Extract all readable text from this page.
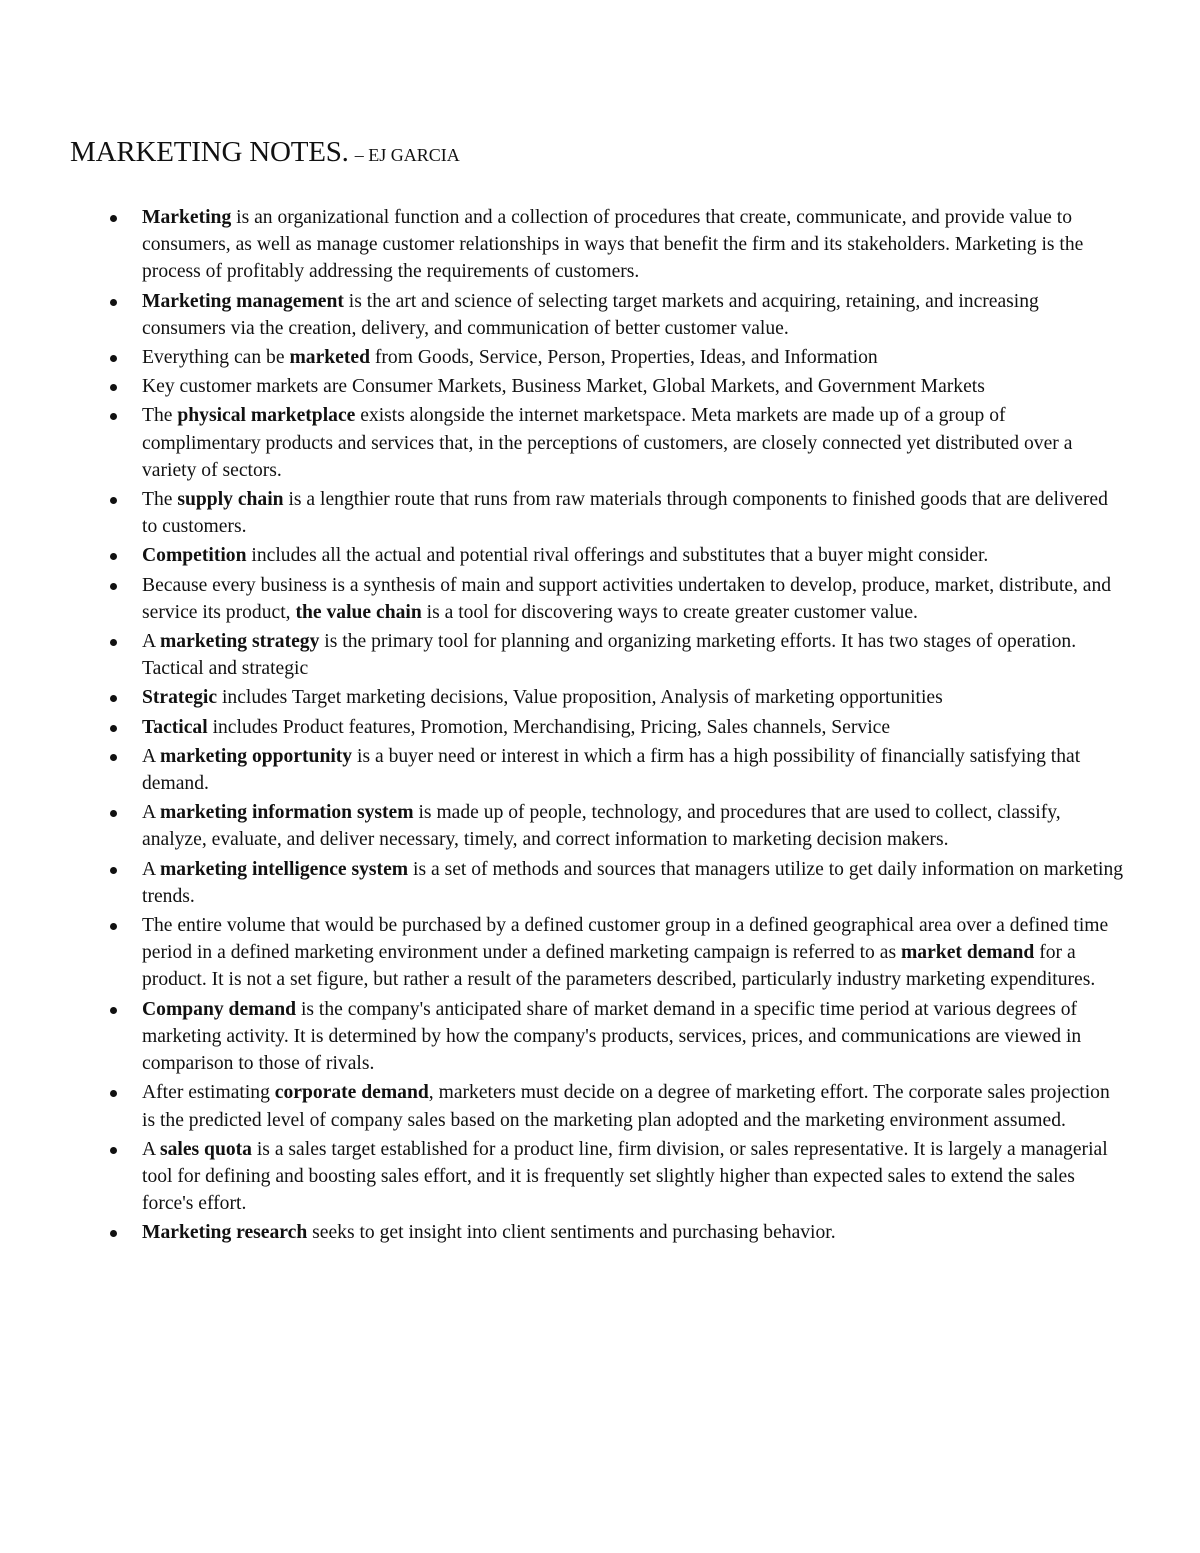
MARKETING NOTES. – EJ GARCIA
Marketing is an organizational function and a collection of procedures that create, communicate, and provide value to consumers, as well as manage customer relationships in ways that benefit the firm and its stakeholders. Marketing is the process of profitably addressing the requirements of customers.
Marketing management is the art and science of selecting target markets and acquiring, retaining, and increasing consumers via the creation, delivery, and communication of better customer value.
Everything can be marketed from Goods, Service, Person, Properties, Ideas, and Information
Key customer markets are Consumer Markets, Business Market, Global Markets, and Government Markets
The physical marketplace exists alongside the internet marketspace. Meta markets are made up of a group of complimentary products and services that, in the perceptions of customers, are closely connected yet distributed over a variety of sectors.
The supply chain is a lengthier route that runs from raw materials through components to finished goods that are delivered to customers.
Competition includes all the actual and potential rival offerings and substitutes that a buyer might consider.
Because every business is a synthesis of main and support activities undertaken to develop, produce, market, distribute, and service its product, the value chain is a tool for discovering ways to create greater customer value.
A marketing strategy is the primary tool for planning and organizing marketing efforts. It has two stages of operation. Tactical and strategic
Strategic includes Target marketing decisions, Value proposition, Analysis of marketing opportunities
Tactical includes Product features, Promotion, Merchandising, Pricing, Sales channels, Service
A marketing opportunity is a buyer need or interest in which a firm has a high possibility of financially satisfying that demand.
A marketing information system is made up of people, technology, and procedures that are used to collect, classify, analyze, evaluate, and deliver necessary, timely, and correct information to marketing decision makers.
A marketing intelligence system is a set of methods and sources that managers utilize to get daily information on marketing trends.
The entire volume that would be purchased by a defined customer group in a defined geographical area over a defined time period in a defined marketing environment under a defined marketing campaign is referred to as market demand for a product. It is not a set figure, but rather a result of the parameters described, particularly industry marketing expenditures.
Company demand is the company's anticipated share of market demand in a specific time period at various degrees of marketing activity. It is determined by how the company's products, services, prices, and communications are viewed in comparison to those of rivals.
After estimating corporate demand, marketers must decide on a degree of marketing effort. The corporate sales projection is the predicted level of company sales based on the marketing plan adopted and the marketing environment assumed.
A sales quota is a sales target established for a product line, firm division, or sales representative. It is largely a managerial tool for defining and boosting sales effort, and it is frequently set slightly higher than expected sales to extend the sales force's effort.
Marketing research seeks to get insight into client sentiments and purchasing behavior.
